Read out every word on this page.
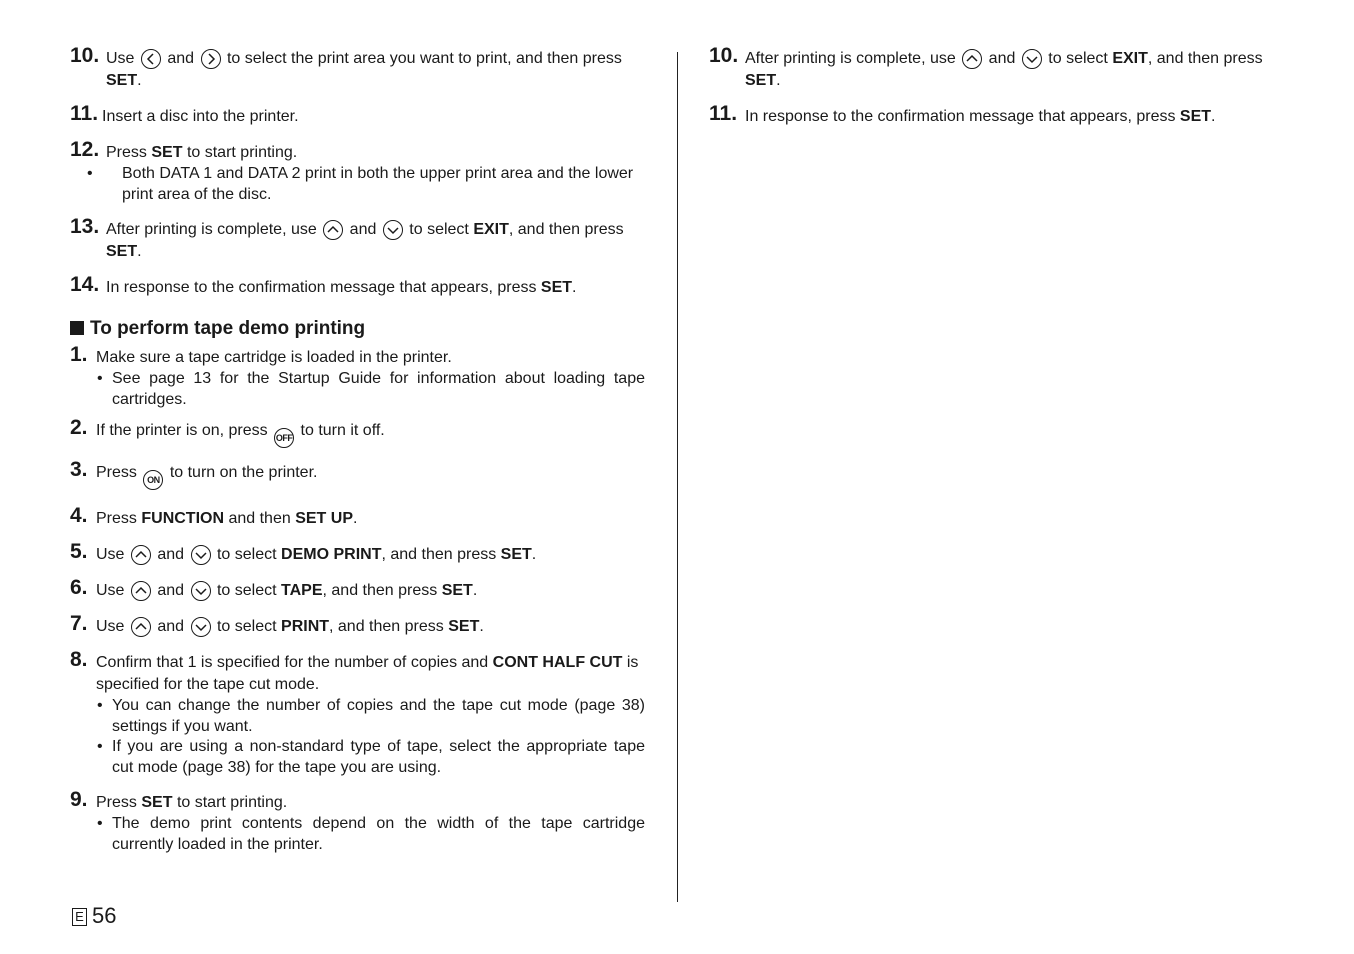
10. Use and to select the print area you want to print, and then press SET.
11. Insert a disc into the printer.
12. Press SET to start printing.
• Both DATA 1 and DATA 2 print in both the upper print area and the lower print area of the disc.
13. After printing is complete, use and to select EXIT, and then press SET.
14. In response to the confirmation message that appears, press SET.
To perform tape demo printing
1. Make sure a tape cartridge is loaded in the printer.
• See page 13 for the Startup Guide for information about loading tape cartridges.
2. If the printer is on, press OFF to turn it off.
3. Press ON to turn on the printer.
4. Press FUNCTION and then SET UP.
5. Use and to select DEMO PRINT, and then press SET.
6. Use and to select TAPE, and then press SET.
7. Use and to select PRINT, and then press SET.
8. Confirm that 1 is specified for the number of copies and CONT HALF CUT is specified for the tape cut mode.
• You can change the number of copies and the tape cut mode (page 38) settings if you want.
• If you are using a non-standard type of tape, select the appropriate tape cut mode (page 38) for the tape you are using.
9. Press SET to start printing.
• The demo print contents depend on the width of the tape cartridge currently loaded in the printer.
10. After printing is complete, use and to select EXIT, and then press SET.
11. In response to the confirmation message that appears, press SET.
E 56
